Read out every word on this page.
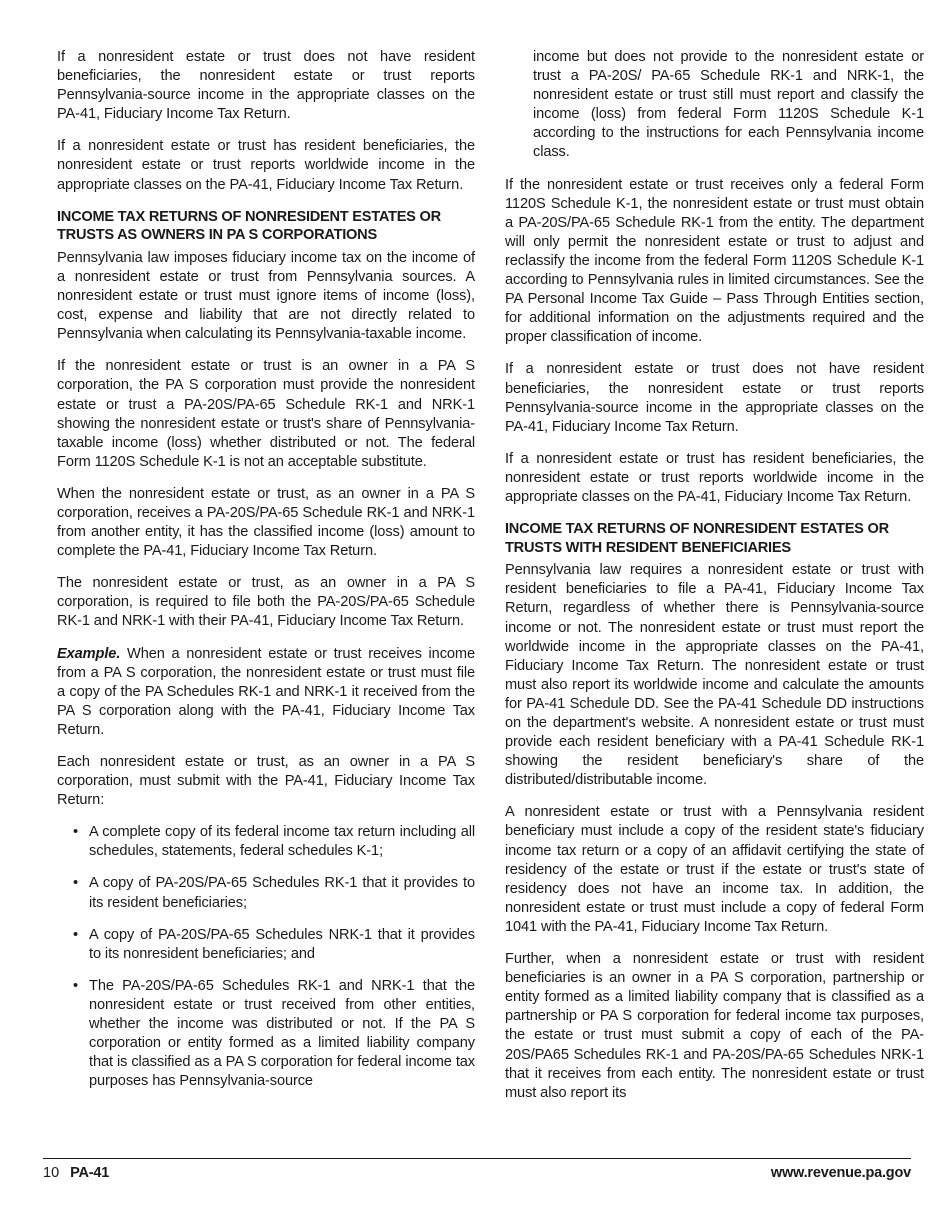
If a nonresident estate or trust does not have resident beneficiaries, the nonresident estate or trust reports Pennsylvania-source income in the appropriate classes on the PA-41, Fiduciary Income Tax Return.

If a nonresident estate or trust has resident beneficiaries, the nonresident estate or trust reports worldwide income in the appropriate classes on the PA-41, Fiduciary Income Tax Return.

INCOME TAX RETURNS OF NONRESIDENT ESTATES OR TRUSTS AS OWNERS IN PA S CORPORATIONS

Pennsylvania law imposes fiduciary income tax on the income of a nonresident estate or trust from Pennsylvania sources. A nonresident estate or trust must ignore items of income (loss), cost, expense and liability that are not directly related to Pennsylvania when calculating its Pennsylvania-taxable income.

If the nonresident estate or trust is an owner in a PA S corporation, the PA S corporation must provide the nonresident estate or trust a PA-20S/PA-65 Schedule RK-1 and NRK-1 showing the nonresident estate or trust's share of Pennsylvania-taxable income (loss) whether distributed or not. The federal Form 1120S Schedule K-1 is not an acceptable substitute.

When the nonresident estate or trust, as an owner in a PA S corporation, receives a PA-20S/PA-65 Schedule RK-1 and NRK-1 from another entity, it has the classified income (loss) amount to complete the PA-41, Fiduciary Income Tax Return.

The nonresident estate or trust, as an owner in a PA S corporation, is required to file both the PA-20S/PA-65 Schedule RK-1 and NRK-1 with their PA-41, Fiduciary Income Tax Return.

Example. When a nonresident estate or trust receives income from a PA S corporation, the nonresident estate or trust must file a copy of the PA Schedules RK-1 and NRK-1 it received from the PA S corporation along with the PA-41, Fiduciary Income Tax Return.

Each nonresident estate or trust, as an owner in a PA S corporation, must submit with the PA-41, Fiduciary Income Tax Return:

• A complete copy of its federal income tax return including all schedules, statements, federal schedules K-1;
• A copy of PA-20S/PA-65 Schedules RK-1 that it provides to its resident beneficiaries;
• A copy of PA-20S/PA-65 Schedules NRK-1 that it provides to its nonresident beneficiaries; and
• The PA-20S/PA-65 Schedules RK-1 and NRK-1 that the nonresident estate or trust received from other entities, whether the income was distributed or not. If the PA S corporation or entity formed as a limited liability company that is classified as a PA S corporation for federal income tax purposes has Pennsylvania-source

income but does not provide to the nonresident estate or trust a PA-20S/ PA-65 Schedule RK-1 and NRK-1, the nonresident estate or trust still must report and classify the income (loss) from federal Form 1120S Schedule K-1 according to the instructions for each Pennsylvania income class.

If the nonresident estate or trust receives only a federal Form 1120S Schedule K-1, the nonresident estate or trust must obtain a PA-20S/PA-65 Schedule RK-1 from the entity. The department will only permit the nonresident estate or trust to adjust and reclassify the income from the federal Form 1120S Schedule K-1 according to Pennsylvania rules in limited circumstances. See the PA Personal Income Tax Guide – Pass Through Entities section, for additional information on the adjustments required and the proper classification of income.

If a nonresident estate or trust does not have resident beneficiaries, the nonresident estate or trust reports Pennsylvania-source income in the appropriate classes on the PA-41, Fiduciary Income Tax Return.

If a nonresident estate or trust has resident beneficiaries, the nonresident estate or trust reports worldwide income in the appropriate classes on the PA-41, Fiduciary Income Tax Return.

INCOME TAX RETURNS OF NONRESIDENT ESTATES OR TRUSTS WITH RESIDENT BENEFICIARIES

Pennsylvania law requires a nonresident estate or trust with resident beneficiaries to file a PA-41, Fiduciary Income Tax Return, regardless of whether there is Pennsylvania-source income or not. The nonresident estate or trust must report the worldwide income in the appropriate classes on the PA-41, Fiduciary Income Tax Return. The nonresident estate or trust must also report its worldwide income and calculate the amounts for PA-41 Schedule DD. See the PA-41 Schedule DD instructions on the department's website. A nonresident estate or trust must provide each resident beneficiary with a PA-41 Schedule RK-1 showing the resident beneficiary's share of the distributed/distributable income.

A nonresident estate or trust with a Pennsylvania resident beneficiary must include a copy of the resident state's fiduciary income tax return or a copy of an affidavit certifying the state of residency of the estate or trust if the estate or trust's state of residency does not have an income tax. In addition, the nonresident estate or trust must include a copy of federal Form 1041 with the PA-41, Fiduciary Income Tax Return.

Further, when a nonresident estate or trust with resident beneficiaries is an owner in a PA S corporation, partnership or entity formed as a limited liability company that is classified as a partnership or PA S corporation for federal income tax purposes, the estate or trust must submit a copy of each of the PA-20S/PA65 Schedules RK-1 and PA-20S/PA-65 Schedules NRK-1 that it receives from each entity. The nonresident estate or trust must also report its

10 PA-41	www.revenue.pa.gov
